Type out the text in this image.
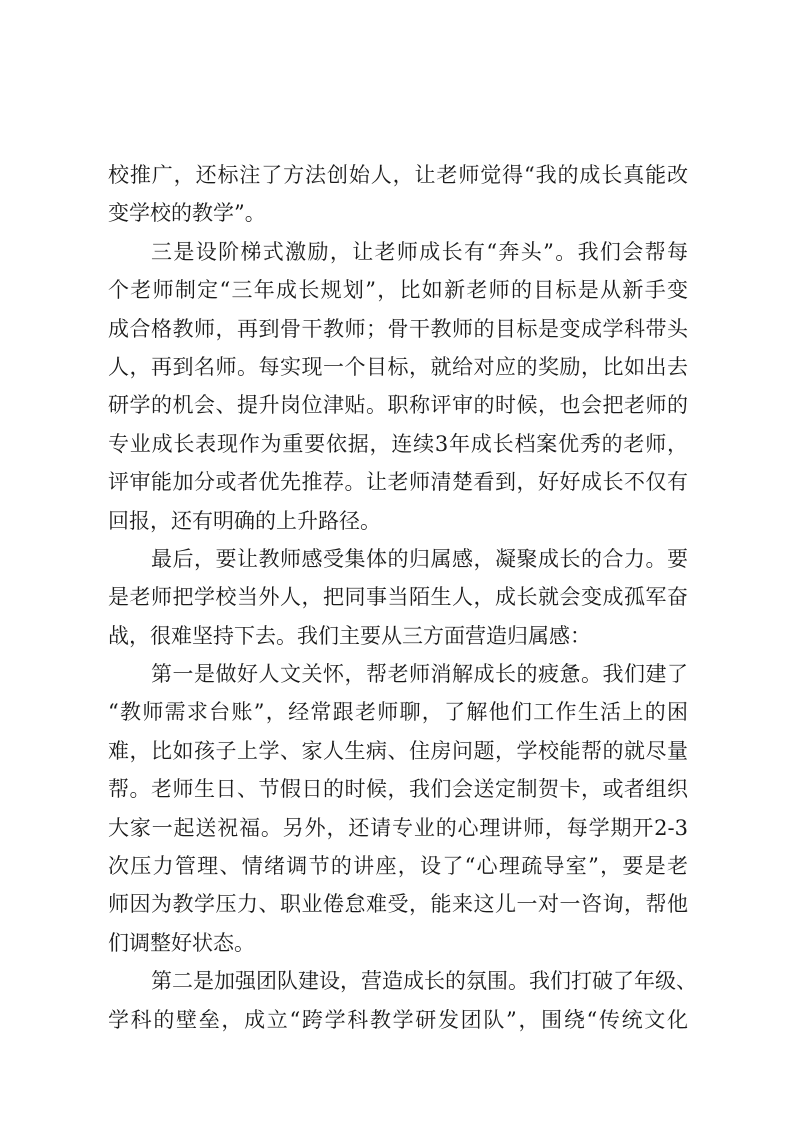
校推广，还标注了方法创始人，让老师觉得“我的成长真能改
变学校的教学”。
三是设阶梯式激励，让老师成长有“奔头”。我们会帮每
个老师制定“三年成长规划”，比如新老师的目标是从新手变
成合格教师，再到骨干教师；骨干教师的目标是变成学科带头
人，再到名师。每实现一个目标，就给对应的奖励，比如出去
研学的机会、提升岗位津贴。职称评审的时候，也会把老师的
专业成长表现作为重要依据，连续3年成长档案优秀的老师，
评审能加分或者优先推荐。让老师清楚看到，好好成长不仅有
回报，还有明确的上升路径。
最后，要让教师感受集体的归属感，凝聚成长的合力。要
是老师把学校当外人，把同事当陌生人，成长就会变成孤军奋
战，很难坚持下去。我们主要从三方面营造归属感：
第一是做好人文关怀，帮老师消解成长的疲惫。我们建了
“教师需求台账”，经常跟老师聊，了解他们工作生活上的困
难，比如孩子上学、家人生病、住房问题，学校能帮的就尽量
帮。老师生日、节假日的时候，我们会送定制贺卡，或者组织
大家一起送祝福。另外，还请专业的心理讲师，每学期开2-3
次压力管理、情绪调节的讲座，设了“心理疏导室”，要是老
师因为教学压力、职业倦怠难受，能来这儿一对一咨询，帮他
们调整好状态。
第二是加强团队建设，营造成长的氛围。我们打破了年级、
学科的壁垒，成立“跨学科教学研发团队”，围绕“传统文化
